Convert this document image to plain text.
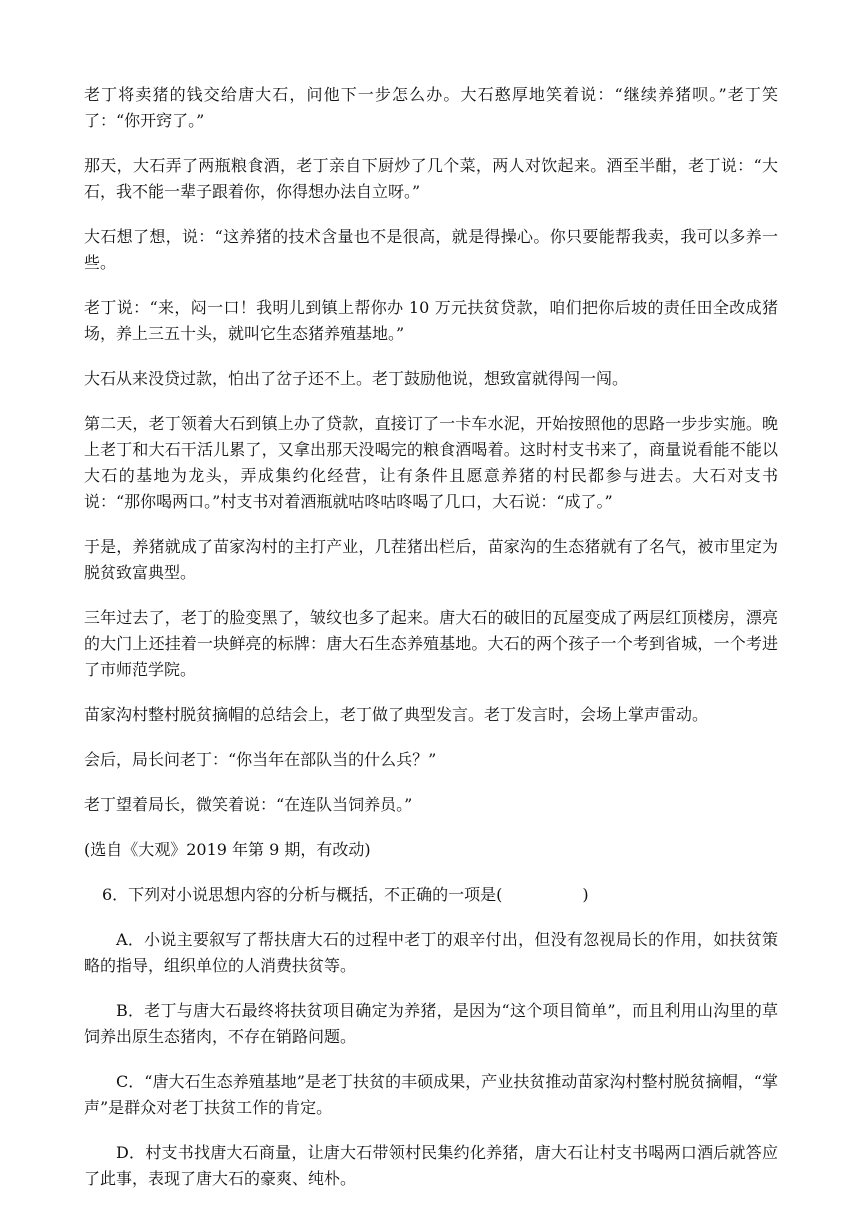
老丁将卖猪的钱交给唐大石，问他下一步怎么办。大石憨厚地笑着说：“继续养猪呗。”老丁笑了：“你开窍了。”

那天，大石弄了两瓶粮食酒，老丁亲自下厨炒了几个菜，两人对饮起来。酒至半酣，老丁说：“大石，我不能一辈子跟着你，你得想办法自立呀。”

大石想了想，说：“这养猪的技术含量也不是很高，就是得操心。你只要能帮我卖，我可以多养一些。

老丁说：“来，闷一口！我明儿到镇上帮你办 10 万元扶贫贷款，咱们把你后坡的责任田全改成猪场，养上三五十头，就叫它生态猪养殖基地。”

大石从来没贷过款，怕出了岔子还不上。老丁鼓励他说，想致富就得闯一闯。

第二天，老丁领着大石到镇上办了贷款，直接订了一卡车水泥，开始按照他的思路一步步实施。晚上老丁和大石干活儿累了，又拿出那天没喝完的粮食酒喝着。这时村支书来了，商量说看能不能以大石的基地为龙头，弄成集约化经营，让有条件且愿意养猪的村民都参与进去。大石对支书说：“那你喝两口。”村支书对着酒瓶就咕咚咕咚喝了几口，大石说：“成了。”

于是，养猪就成了苗家沟村的主打产业，几茬猪出栏后，苗家沟的生态猪就有了名气，被市里定为脱贫致富典型。

三年过去了，老丁的脸变黑了，皱纹也多了起来。唐大石的破旧的瓦屋变成了两层红顶楼房，漂亮的大门上还挂着一块鲜亮的标牌：唐大石生态养殖基地。大石的两个孩子一个考到省城，一个考进了市师范学院。

苗家沟村整村脱贫摘帽的总结会上，老丁做了典型发言。老丁发言时，会场上掌声雷动。

会后，局长问老丁：“你当年在部队当的什么兵？”

老丁望着局长，微笑着说：“在连队当饲养员。”

(选自《大观》2019 年第 9 期，有改动)

6．下列对小说思想内容的分析与概括，不正确的一项是(　　　　　)

A．小说主要叙写了帮扶唐大石的过程中老丁的艰辛付出，但没有忽视局长的作用，如扶贫策略的指导，组织单位的人消费扶贫等。

B．老丁与唐大石最终将扶贫项目确定为养猪，是因为“这个项目简单”，而且利用山沟里的草饲养出原生态猪肉，不存在销路问题。

C．“唐大石生态养殖基地”是老丁扶贫的丰硕成果，产业扶贫推动苗家沟村整村脱贫摘帽，“掌声”是群众对老丁扶贫工作的肯定。

D．村支书找唐大石商量，让唐大石带领村民集约化养猪，唐大石让村支书喝两口酒后就答应了此事，表现了唐大石的豪爽、纯朴。
